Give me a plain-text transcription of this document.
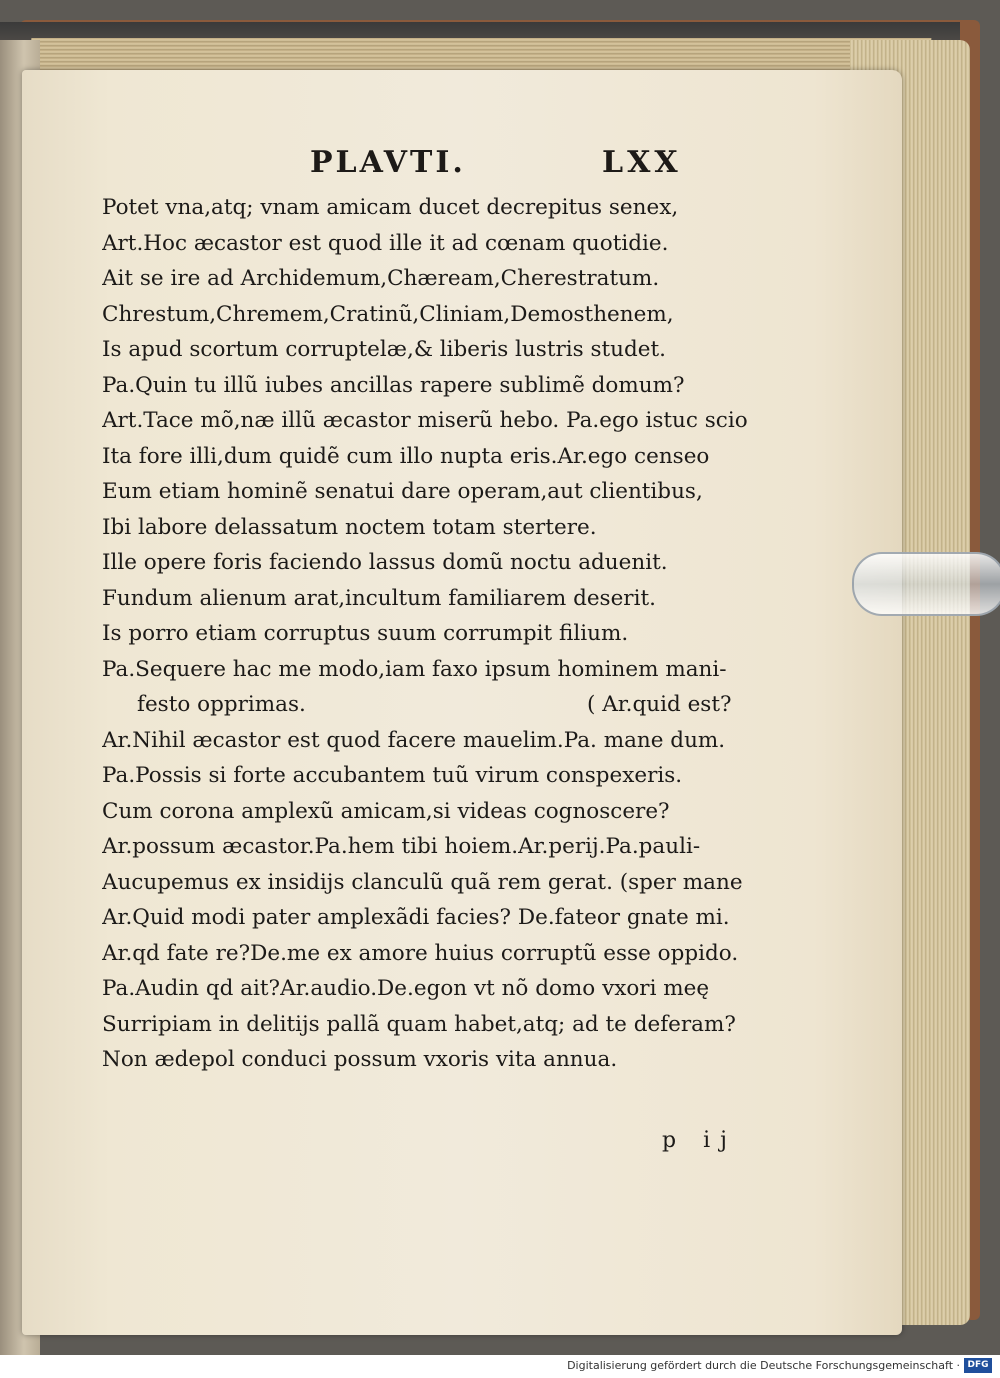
PLAVTI.	LXX
Potet vna,atq; vnam amicam ducet decrepitus senex,
Art.Hoc æcastor est quod ille it ad cœnam quotidie.
Ait se ire ad Archidemum,Chæream,Cherestratum.
Chrestum,Chremem,Cratinũ,Cliniam,Demosthenem,
Is apud scortum corruptelæ,& liberis lustris studet.
Pa.Quin tu illũ iubes ancillas rapere sublimẽ domum?
Art.Tace mõ,næ illũ æcastor miserũ hebo. Pa.ego istuc scio
Ita fore illi,dum quidẽ cum illo nupta eris.Ar.ego censeo
Eum etiam hominẽ senatui dare operam,aut clientibus,
Ibi labore delassatum noctem totam stertere.
Ille opere foris faciendo lassus domũ noctu aduenit.
Fundum alienum arat,incultum familiarem deserit.
Is porro etiam corruptus suum corrumpit filium.
Pa.Sequere hac me modo,iam faxo ipsum hominem mani-
festo opprimas.	( Ar.quid est?
Ar.Nihil æcastor est quod facere mauelim.Pa. mane dum.
Pa.Possis si forte accubantem tuũ virum conspexeris.
Cum corona amplexũ amicam,si videas cognoscere?
Ar.possum æcastor.Pa.hem tibi hoiem.Ar.perij.Pa.pauli-
Aucupemus ex insidijs clanculũ quã rem gerat. (sper mane
Ar.Quid modi pater amplexãdi facies? De.fateor gnate mi.
Ar.qd fate re?De.me ex amore huius corruptũ esse oppido.
Pa.Audin qd ait?Ar.audio.De.egon vt nõ domo vxori meę
Surripiam in delitijs pallã quam habet,atq; ad te deferam?
Non ædepol conduci possum vxoris vita annua.
p ij
Digitalisierung gefördert durch die Deutsche Forschungsgemeinschaft · DFG
